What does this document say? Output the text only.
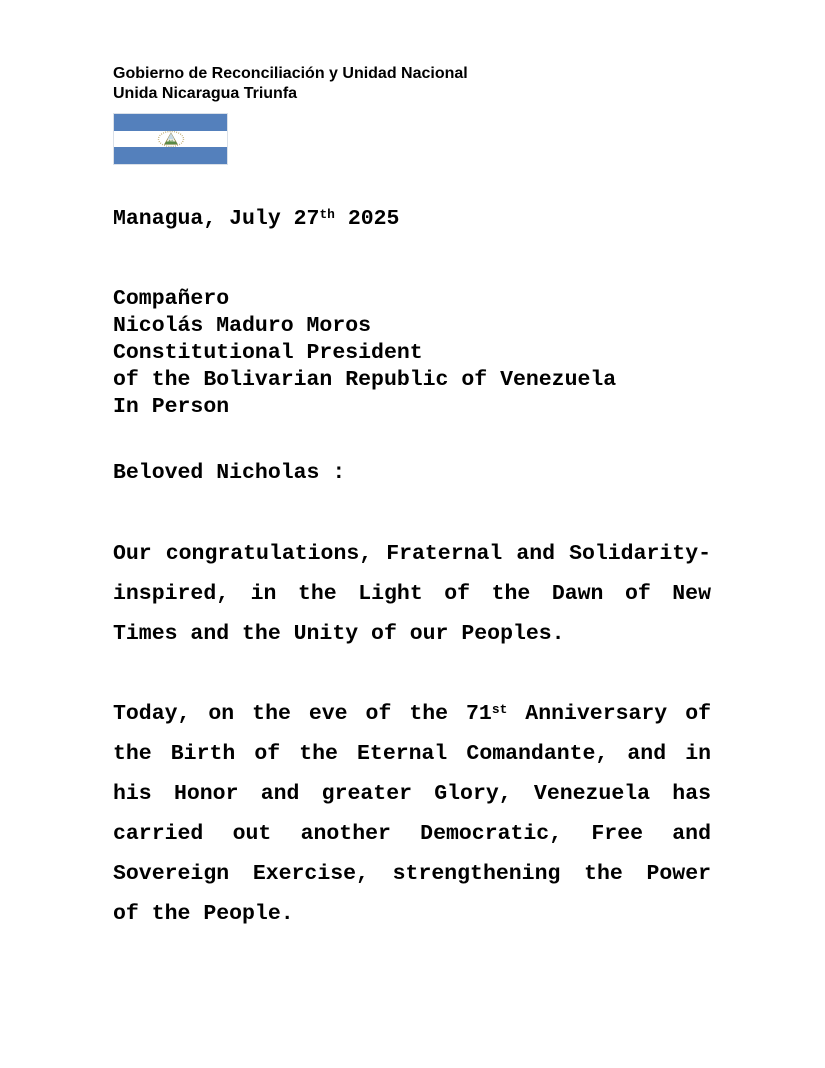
Gobierno de Reconciliación y Unidad Nacional
Unida Nicaragua Triunfa
Managua, July 27th 2025
Compañero
Nicolás Maduro Moros
Constitutional President
of the Bolivarian Republic of Venezuela
In Person
Beloved Nicholas :
Our congratulations, Fraternal and Solidarity-
inspired, in the Light of the Dawn of New
Times and the Unity of our Peoples.
Today, on the eve of the 71st Anniversary of
the Birth of the Eternal Comandante, and in
his Honor and greater Glory, Venezuela has
carried out another Democratic, Free and
Sovereign Exercise, strengthening the Power
of the People.
